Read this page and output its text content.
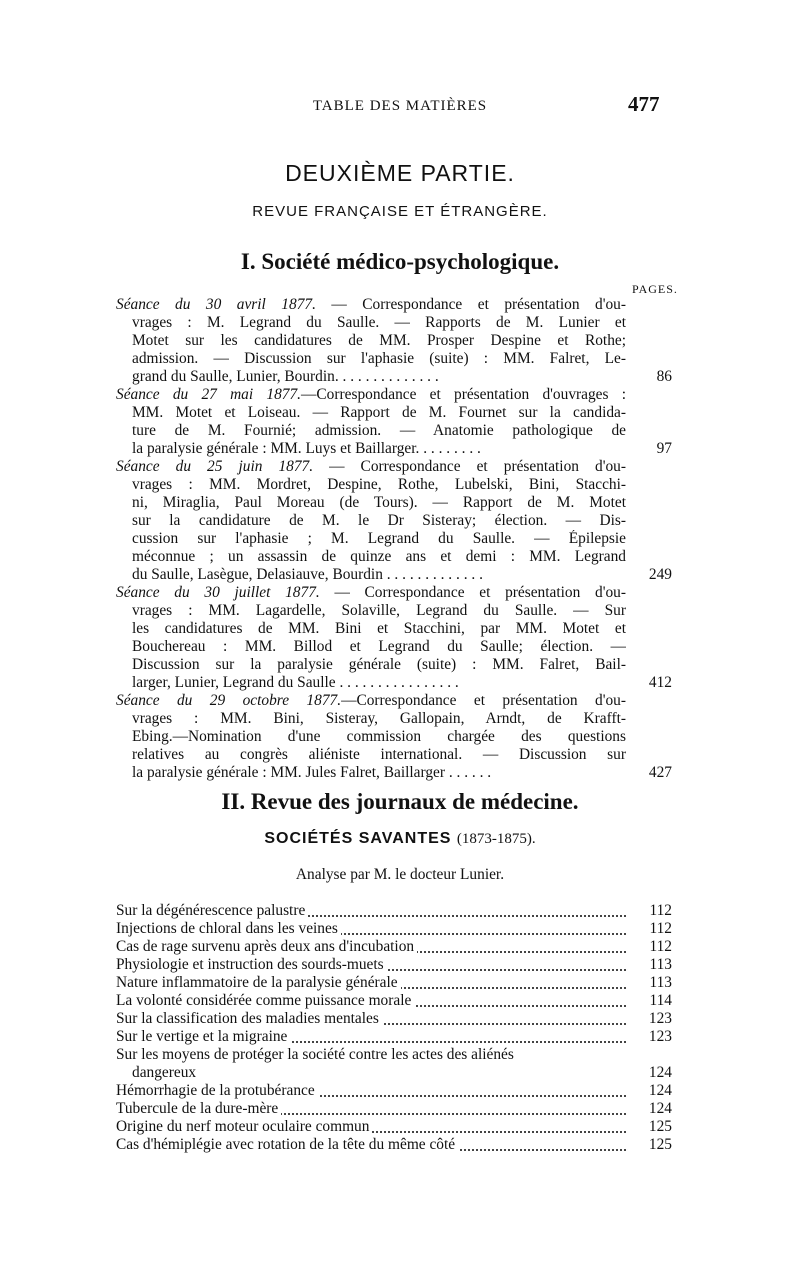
TABLE DES MATIÈRES	477
DEUXIÈME PARTIE.
REVUE FRANÇAISE ET ÉTRANGÈRE.
I. Société médico-psychologique.
PAGES.
Séance du 30 avril 1877. — Correspondance et présentation d'ou-
vrages : M. Legrand du Saulle. — Rapports de M. Lunier et
Motet sur les candidatures de MM. Prosper Despine et Rothe;
admission. — Discussion sur l'aphasie (suite) : MM. Falret, Le-
grand du Saulle, Lunier, Bourdin. . . . . . . . . . . . . .	86
Séance du 27 mai 1877.—Correspondance et présentation d'ouvrages :
MM. Motet et Loiseau. — Rapport de M. Fournet sur la candida-
ture de M. Fournié; admission. — Anatomie pathologique de
la paralysie générale : MM. Luys et Baillarger. . . . . . . . .	97
Séance du 25 juin 1877. — Correspondance et présentation d'ou-
vrages : MM. Mordret, Despine, Rothe, Lubelski, Bini, Stacchi-
ni, Miraglia, Paul Moreau (de Tours). — Rapport de M. Motet
sur la candidature de M. le Dr Sisteray; élection. — Dis-
cussion sur l'aphasie ; M. Legrand du Saulle. — Épilepsie
méconnue ; un assassin de quinze ans et demi : MM. Legrand
du Saulle, Lasègue, Delasiauve, Bourdin . . . . . . . . . . . . .	249
Séance du 30 juillet 1877. — Correspondance et présentation d'ou-
vrages : MM. Lagardelle, Solaville, Legrand du Saulle. — Sur
les candidatures de MM. Bini et Stacchini, par MM. Motet et
Bouchereau : MM. Billod et Legrand du Saulle; élection. —
Discussion sur la paralysie générale (suite) : MM. Falret, Bail-
larger, Lunier, Legrand du Saulle . . . . . . . . . . . . . . . .	412
Séance du 29 octobre 1877.—Correspondance et présentation d'ou-
vrages : MM. Bini, Sisteray, Gallopain, Arndt, de Krafft-
Ebing.—Nomination d'une commission chargée des questions
relatives au congrès aliéniste international. — Discussion sur
la paralysie générale : MM. Jules Falret, Baillarger . . . . . .	427
II. Revue des journaux de médecine.
SOCIÉTÉS SAVANTES (1873-1875).
Analyse par M. le docteur Lunier.
Sur la dégénérescence palustre	112
Injections de chloral dans les veines	112
Cas de rage survenu après deux ans d'incubation	112
Physiologie et instruction des sourds-muets	113
Nature inflammatoire de la paralysie générale	113
La volonté considérée comme puissance morale	114
Sur la classification des maladies mentales	123
Sur le vertige et la migraine	123
Sur les moyens de protéger la société contre les actes des aliénés
dangereux	124
Hémorrhagie de la protubérance	124
Tubercule de la dure-mère	124
Origine du nerf moteur oculaire commun	125
Cas d'hémiplégie avec rotation de la tête du même côté	125
